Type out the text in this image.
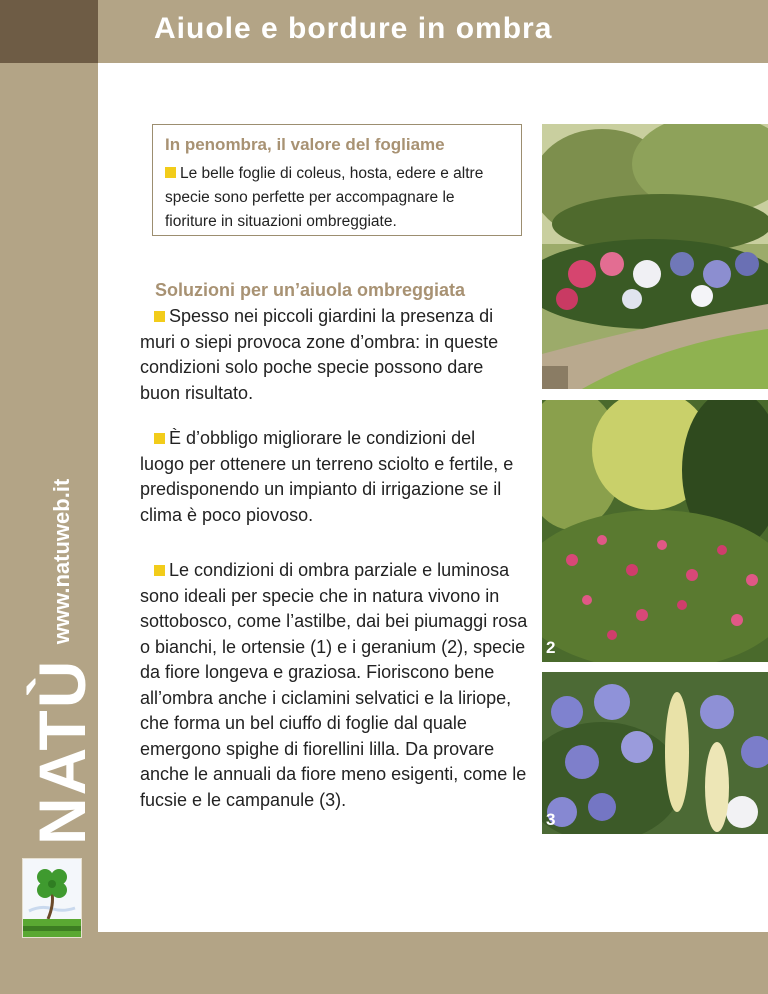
Aiuole e bordure in ombra
NATÙ www.natuweb.it
In penombra, il valore del fogliame
Le belle foglie di coleus, hosta, edere e altre specie sono perfette per accompagnare le fioriture in situazioni ombreggiate.
Soluzioni per un’aiuola ombreggiata

Spesso nei piccoli giardini la presenza di muri o siepi provoca zone d’ombra: in queste condizioni solo poche specie possono dare buon risultato.

È d’obbligo migliorare le condizioni del luogo per ottenere un terreno sciolto e fertile, e predisponendo un impianto di irrigazione se il clima è poco piovoso.

Le condizioni di ombra parziale e luminosa sono ideali per specie che in natura vivono in sottobosco, come l’astilbe, dai bei piumaggi rosa o bianchi, le ortensie (1) e i geranium (2), specie da fiore longeva e graziosa. Fioriscono bene all’ombra anche i ciclamini selvatici e la liriope, che forma un bel ciuffo di foglie dal quale emergono spighe di fiorellini lilla. Da provare anche le annuali da fiore meno esigenti, come le fucsie e le campanule (3).

2
3
